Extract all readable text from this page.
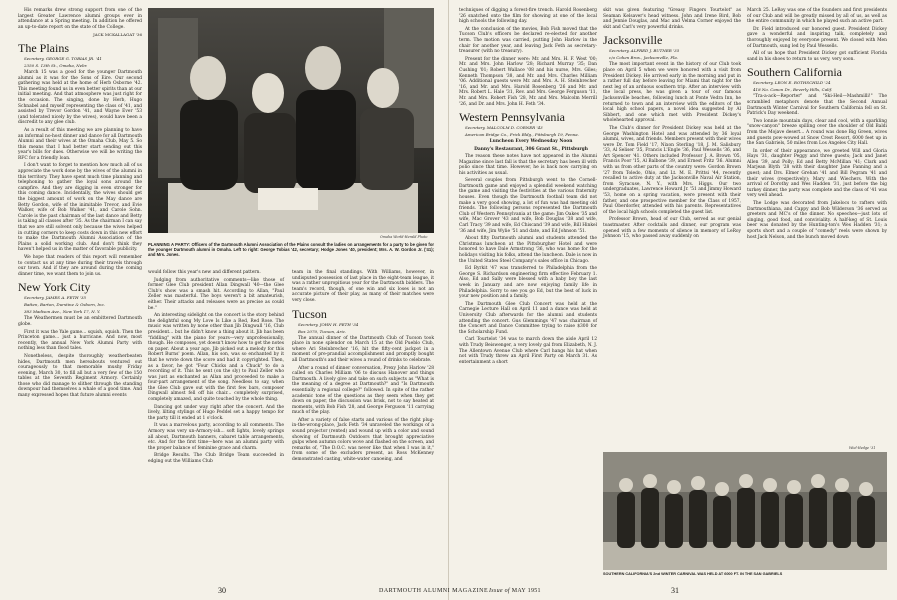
His remarks drew strong support from one of the largest Greater Lawrence alumni groups ever in attendance at a Spring meeting. In addition he offered an up-to-date report on the state of the College.

JACK MCKALLAGAT '36

The Plains

Secretary, GEORGE G. TOBIAS JR. '41

2350 S. 13th St., Omaha, Nebr.

March 15 was a good for the younger Dartmouth alumni as it was for the Sons of Eire. Our second gathering was held at the home of Herb Osborne '42. This meeting found us in even better spirits than at our initial meeting. And that atmosphere was just right for the occasion. The singing, done by Herb, Hugo Schnabel and myself representing the class of '41, and assisted by Trevor Gordon '41, and Wayne Ever '53 (and tolerated nicely by the wives), would have been a discredit to any glee club.

As a result of this meeting we are planning to have an informal no-host dinner and dance for all Dartmouth Alumni and their wives at the Omaha Club, May 5. So this means that I had better start sending out this year's bills for dues. Otherwise we will be writing the RFC for a friendly loan.

I don't want to forget to mention how much all of us appreciate the work done by the wives of the alumni in this territory. They have spent much time planning and telephoning to gather the loyal sons around the campfire. And they are digging in even stronger for this coming dance. Incidentally, the wives should get the biggest amount of work on the May dance are Betty Gordon, wife of the inimitable Trevor, and Evie Walker, wife of Bob Walker '41, and Carole Sohn. Carole is the past chairman of the last dance and Betty is taking all classes after '35. As the chairman I can say that we are still solvent only because the wives helped in cutting corners to keep costs down in this new effort to make the Dartmouth Alumni Association of the Plains a solid working club. And don't think they haven't helped us in the matter of favorable publicity.

We hope that readers of this report will remember to contact us at any time during their travels through our town. And if they are around during the coming dinner time, we want them to join us.

New York City

Secretary, JAMES A. FETH '35

Batten, Barton, Durstine & Osborn, Inc.

383 Madison Ave., New York 17, N. Y.

The Weathermen must be an embittered Dartmouth globe.

First it was the Yale game... squish, squish. Then the Princeton game... just a hurricane. And now, most recently, the annual New York Alumni Party with nothing less than flood tales.

Nonetheless, despite thoroughly weatherbeaten hides, Dartmouth men hereabouts ventured out courageously to that memorable mushy Friday evening, March 30, to fill all but a very few of the 150 tables at the Seventh Regiment Armory. Certainly those who did manage to slither through the standing downpour had themselves a whale of a good time. And many expressed hopes that future alumni events

Omaha World-Herald Photo
PLANNING A PARTY: Officers of the Dartmouth Alumni Association of the Plains consult the ladies on arrangements for a party to be given for the younger Dartmouth alumni in Omaha. Left to right: George Tobias '42, secretary; Hodge Jones '40, president; Mrs. A. W. Gordon Jr. ('41); and Mrs. Jones.

would follow this year's new and different pattern.

Judging from authoritative comments—like those of former Glee Club president Allan Dingwall '40—the Glee Club's show was a smash hit. According to Allan, "Paul Zeller was masterful. The boys weren't a bit amateurish, either. Their attacks and releases were as precise as could be."

An interesting sidelight on the concert is the story behind the delightful song My Love Is Like a Red, Red Rose. The music was written by none other than Jib Dingwall '16, Club president... but he didn't know a thing about it. Jib has been "fiddling" with the piano for years—very unprofessionally, though. He composes, yet doesn't know how to get the notes on paper. About a year ago, Jib picked out a melody for this Robert Burns' poem. Allan, his son, was so enchanted by it that he wrote down the score and had it copyrighted. Then, as a favor, he got "Four Chicks and a Chuck" to do a recording of it. This he sent (on the sly) to Paul Zeller who was just as enchanted as Allan and proceeded to make a four-part arrangement of the song. Needless to say, when the Glee Club gave out with the first few bars, composer Dingwall almost fell off his chair... completely surprised, completely amazed, and quite touched by the whole thing.

Dancing got under way right after the concert. And the lively, lilting stylings of Hugo Peddel set a happy tempo for the party till it ended at 1 o'clock.

It was a marvelous party, according to all comments. The Armory was very un-Armory-ish... soft lights, lovely springs all about, Dartmouth banners, cabaret table arrangements, etc. And for the first time—here was an alumni party with the proper balance of feminine grace and charm.

Bridge Results. The Club Bridge Team succeeded in edging out the Williams Club

team in the final standings. With Williams, however, in undisputed possession of last place in the eight-team league, it was a rather unpropitious year for the Dartmouth bidders. The team's record, though, of one win and six loses is not an accurate picture of their play, as many of their matches were very close.

Tucson

Secretary, JOHN H. FETH '34

Box 2070, Tucson, Ariz.

The annual dinner of the Dartmouth Club of Tucson took place in none splendor on March 15 at the Old Pueblo Club, where Ari Steinbrecher '16, hit the fifty-cent jackpot in a moment of pre-prandial accomplishment and promptly bought all Dartmouth's and their wives a round of drinks to celebrate.

After a round of dinner conversation, Prexy John Harlow '28 called on Charles Milliam '06 to discuss Hanover and things Dartmouth. A lively give and take on such subjects as "What is the meaning of a degree at Dartmouth?" and "Is Dartmouth essentially a regional college?" followed. In spite of the rather academic tone of the questions as they seem when they get down on paper, the discussion was brisk, not to say heated at moments, with Bob Fish '28, and George Ferguson '11 carrying much of the play.

After a variety of false starts and various of the right plug-in-the-wrong-place, Jack Feth '34 unraveled the workings of a sound projector (rented) and wound up with a color and sound showing of Dartmouth Outdoors that brought appreciative gulps when autumn colors wove and flashed on the screen, and remarks of, "The D.O.C. was never like that when I was in it," from some of the excluders present, as Ross McKenney demonstrated casting, white-water canoeing, and

30

techniques of digging a forest-fire trench. Harold Rosenberg '26 snatched onto the film for showing at one of the local high schools the following day.

At the conclusion of the movies, Bob Fish moved that the Tucson Club's officers be declared re-elected for another term. The motion was carried, putting John Harlow in the chair for another year, and leaving Jack Feth as secretary-treasurer (with no treasury).

Present for the dinner were: Mr. and Mrs. H. F. West '00; Mr. and Mrs. John Harlow '28; Richard Murray '35; Dan Cushing '01; Robert Wallace '08 and his nurse, Mrs. Giles; Kenneth Thompson '38, and Mr. and Mrs. Charles Milliam '06. Additional guests were Mr. and Mrs. A. H. Steinbrecher '16, and Mr. and Mrs. Harold Rosenberg '26 and Mr. and Mrs. Robert L. Hale '31, Rev. and Mrs. George Ferguson '11, Mr. and Mrs. Robert Fish '28, Mr. and Mrs. Malcolm Merrill '26, and Dr. and Mrs. John H. Feth '34.

Western Pennsylvania

Secretary, MALCOLM D. CORNER '43

American Bridge Co., Frick Bldg., Pittsburgh 19, Penna.

Luncheon Every Wednesday Noon

Danny's Restaurant, 306 Grant St., Pittsburgh

The reason these notes have not appeared in the Alumni Magazine since last fall is that the secretary has been ill with polio since that time. However, he is back now carrying on his activities as usual.

Several couples from Pittsburgh went to the Cornell-Dartmouth game and enjoyed a splendid weekend watching the game and visiting the festivities at the various fraternity houses. Even though the Dartmouth football team did not make a very good showing, a lot of fun was had meeting old friends. The following persons represented the Dartmouth Club of Western Pennsylvania at the game: Jim Oakes '35 and wife, Mac Grover '43 and wife, Bob Douglas '38 and wife, Carl Tracy '39 and wife, Ed Chiscand '39 and wife, Bill Hinkel '36 and wife, Jim Wylie '51 and date, and Ed Johnson '51.

About fifty Dartmouth alumni and students attended the Christmas luncheon at the Pittsburgher Hotel and were honored to have Dale Armstrong '36, who was home for the holidays visiting his folks, attend the luncheon. Dale is now in the United States Steel Company's sales office in Chicago.

Ed Byrkit '47 was transferred to Philadelphia from the George S. Richardson engineering firm effective February 1. Also, Ed and Sally were blessed with a baby boy the last week in January and are now enjoying family life in Philadelphia. Sorry to see you go Ed, but the best of luck in your new position and a family.

The Dartmouth Glee Club Concert was held at the Carnegie Lecture Hall on April 11 and a dance was held at University Club afterwards for the alumni and students attending the concert. Gus Glemmings '47 was chairman of the Concert and Dance Committee trying to raise $300 for the Scholarship Fund.

Carl Tourtelot '34 was to march down the aisle April 12 with Trudy Beiswenger, a very lovely gal from Elizabeth, N. J. The Allentown Avenue Club where Carl hangs his hat when not with Trudy threw an April First Party on March 31. As entertainment a short

skit was given featuring "Greasy Fingers Tourtelot" as Seaman Kelsaver's head witness. John and Irene Bird, Bob and Jennie Douglas, and Mac and Velma Corner enjoyed the skit and Carl's very powerful drinks.

Jacksonville

Secretary, ALFRED J. BUTNER '35

c/o Cohen Bros., Jacksonville, Fla.

The most important event in the history of our Club took place on April 5 when we were honored with a visit from President Dickey. He arrived early in the morning and put in a rather full day before leaving for Miami that night for the next leg of an arduous southern trip. After an interview with the local press, he was given a tour of our famous Jacksonville beaches, following lunch at Ponte Vedra Inn, he returned to town and an interview with the editors of the local high school papers, a novel idea suggested by Al Sibbert, and one which met with President Dickey's wholehearted approval.

The Club's dinner for President Dickey was held at the George Washington Hotel and was attended by 36 loyal alumni, wives, and friends. Members present with their wives were Dr. Tom Field '17, Nixon Sterling '18, J. M. Salisbury '33, Al Seliser '35, Francis L'Engle '36, Paul Wessells '36, and Art Spencer '41. Others included Professor J. A. Brown '05, Francis Poor '15, Al Balbone '39, and Ernest Fritz '36. Alumni with us from other parts of the country were: Gordon Brown '27 from Toledo, Ohio, and Lt. M. E. Prittsi '44, recently recalled to active duty at the Jacksonville Naval Air Station, from Syracuse, N. Y., with Mrs. Higgs. Our two undergraduates, Lawrence Howard Jr. '51 and Jimmy Howard '53, home on a spring vacation, were present with their father, and one prospective member for the Class of 1957, Paul Oberdorfer, attended with his parents. Representatives of the local high schools completed the guest list.

Professor Brown, head of our Club, served as our genial toastmaster. After cocktails and dinner, our program was opened with a few moments of silence in memory of LeRoy Johnson '15, who passed away suddenly on

March 25. LeRoy was one of the founders and first presidents of our Club and will be greatly missed by all of us, as well as the entire community in which he played such an active part.

Dr. Field introduced our honored guest. President Dickey gave a wonderful and inspiring talk, completely and thoroughly enjoyed by everyone present. We closed with Men of Dartmouth, sung led by Paul Wessells.

All of us hope that President Dickey got sufficient Florida sand in his shoes to return to us very, very soon.

Southern California

Secretary, LEON E. ROTHSCHILD '24

418 No. Canon Dr., Beverly Hills, Calif.

"Tra-a-ack—Reporter" and "Ski-Heil—Mashmilli!" The scrambled metaphors denote that the Second Annual Dartmouth Winter Carnival for Southern California fell on St. Patrick's Day weekend.

Two lonnie mountain days, clear and cool, with a sparkling "snow-canyon" breeze spilling over the shoulder of Old Baldi from the Mojave desert... A round was done Big Green, wives and guests pow-wowed at Snow Crest Resort, 6000 feet up in the San Gabriels, 50 miles from Los Angeles City Hall.

In order of their appearance, we greeted Will and Gloria Hays '31, daughter Peggy and three guests; Jack and Janet Allen '39, and Polly; Ed and Betty McMillan '41; Clark and Marjean Blyth '28 with their daughter Jane Fanning and a guest; and Drs. Elmer Grehan '41 and Bill Pegram '41 and their wives (respectively); Mary and Wiechers. With the arrival of Dorothy and Wes Hadden '31, just before the big turkey dinner, the party was complete and the class of '41 was very well ahead.

The Lodge was decorated from Jakelocs to rafters with Dartmouthiana, and Cappy and Bob Wilderson '36 served as greeters and MC's of the dinner. No speeches—just lots of singing, good food, and conviviality. A half-keg of St. Louis beer was donated by the Hunting-ton's Wes Hadden '31; a sports short and a couple of "comedy" reels were shown by host Jack Nelson, and the bunch moved down

Wiel-Hedge '31
SOUTHERN CALIFORNIA'S 2nd WINTER CARNIVAL WAS HELD AT 6000 FT. IN THE SAN GABRIELS
Issue of MAY 1951
DARTMOUTH ALUMNI MAGAZINE	31
